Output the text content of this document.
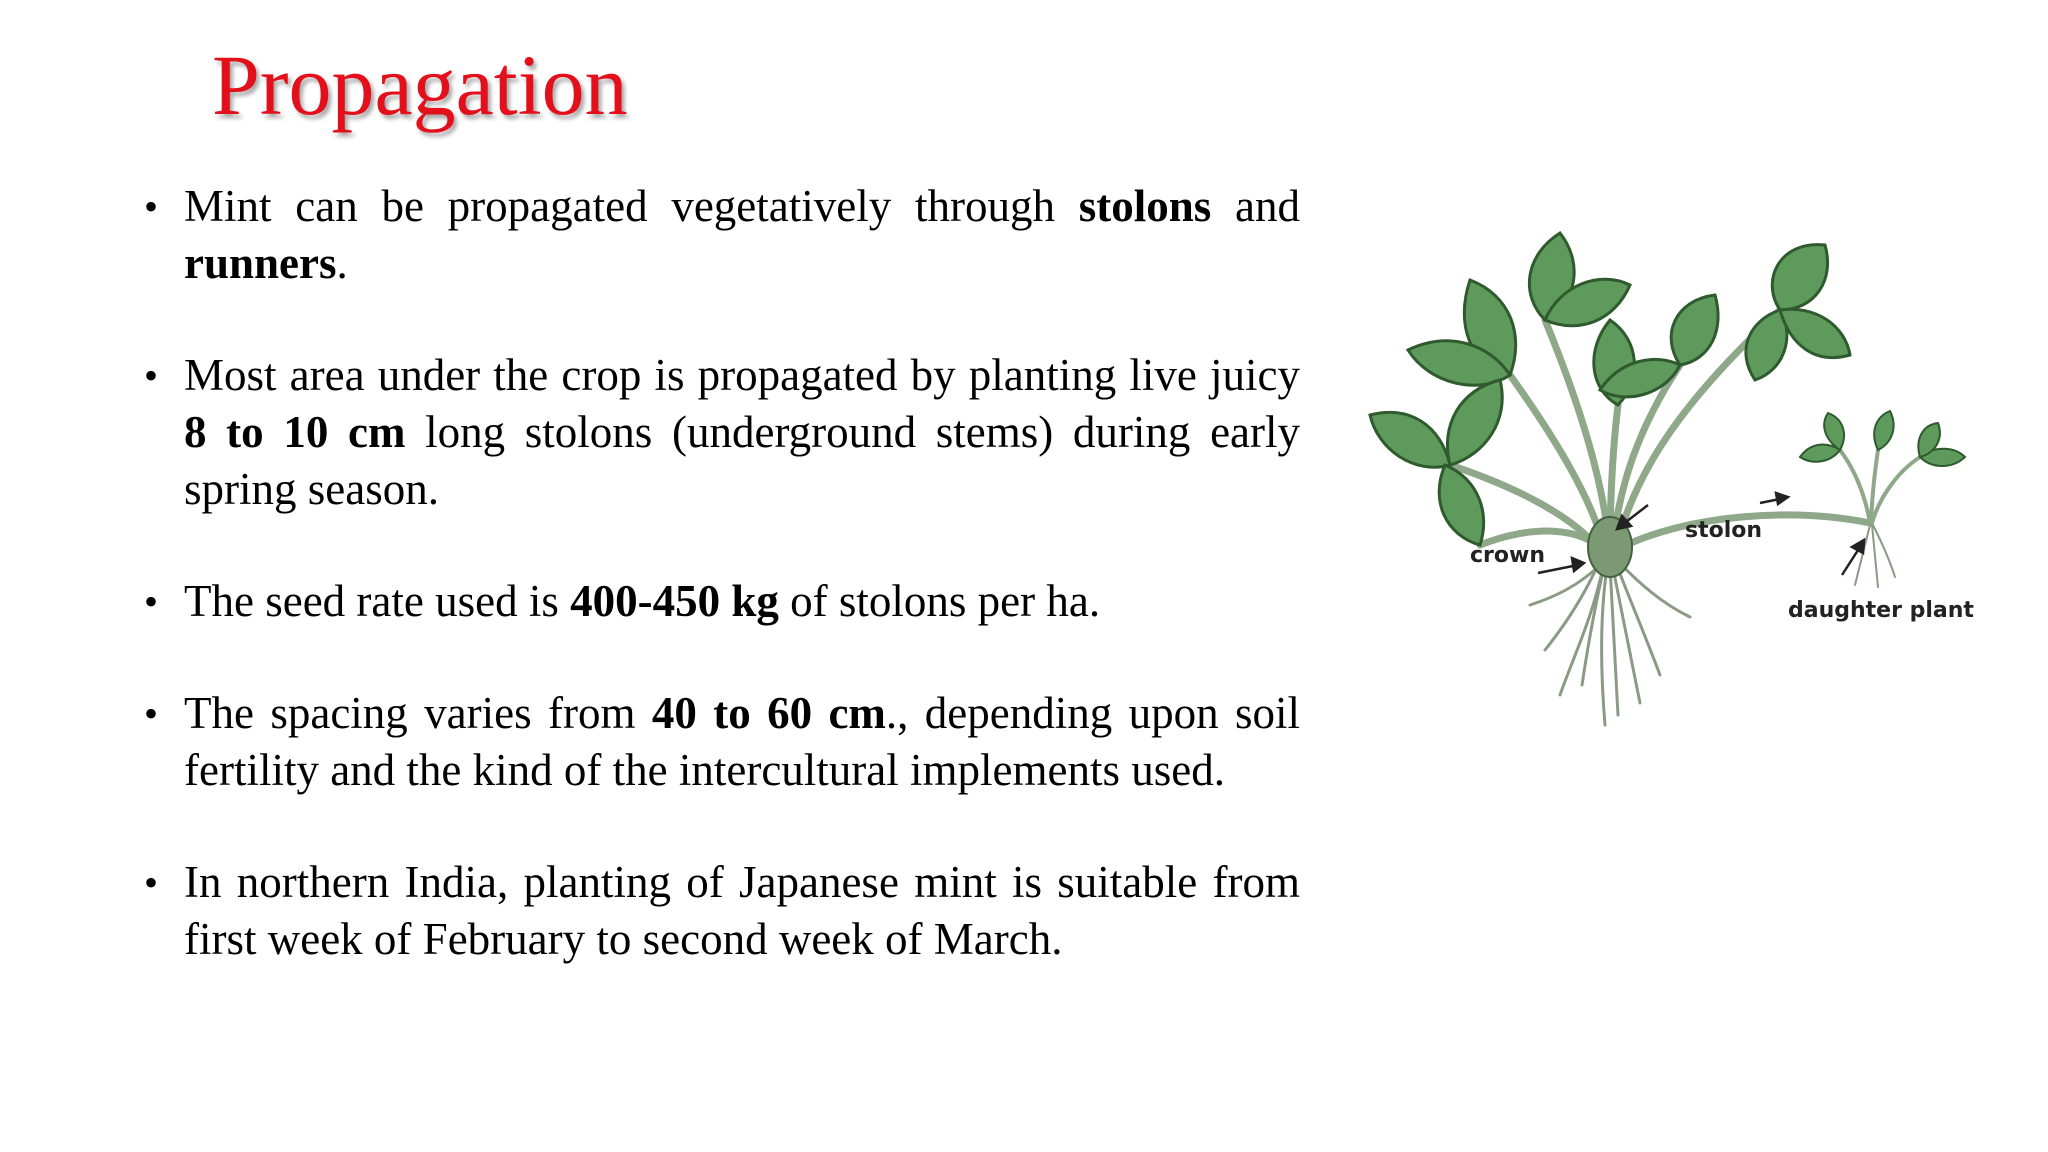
Propagation
• Mint can be propagated vegetatively through stolons and runners.
• Most area under the crop is propagated by planting live juicy 8 to 10 cm long stolons (underground stems) during early spring season.
• The seed rate used is 400-450 kg of stolons per ha.
• The spacing varies from 40 to 60 cm., depending upon soil fertility and the kind of the intercultural implements used.
• In northern India, planting of Japanese mint is suitable from first week of February to second week of March.
crown
stolon
daughter plant
